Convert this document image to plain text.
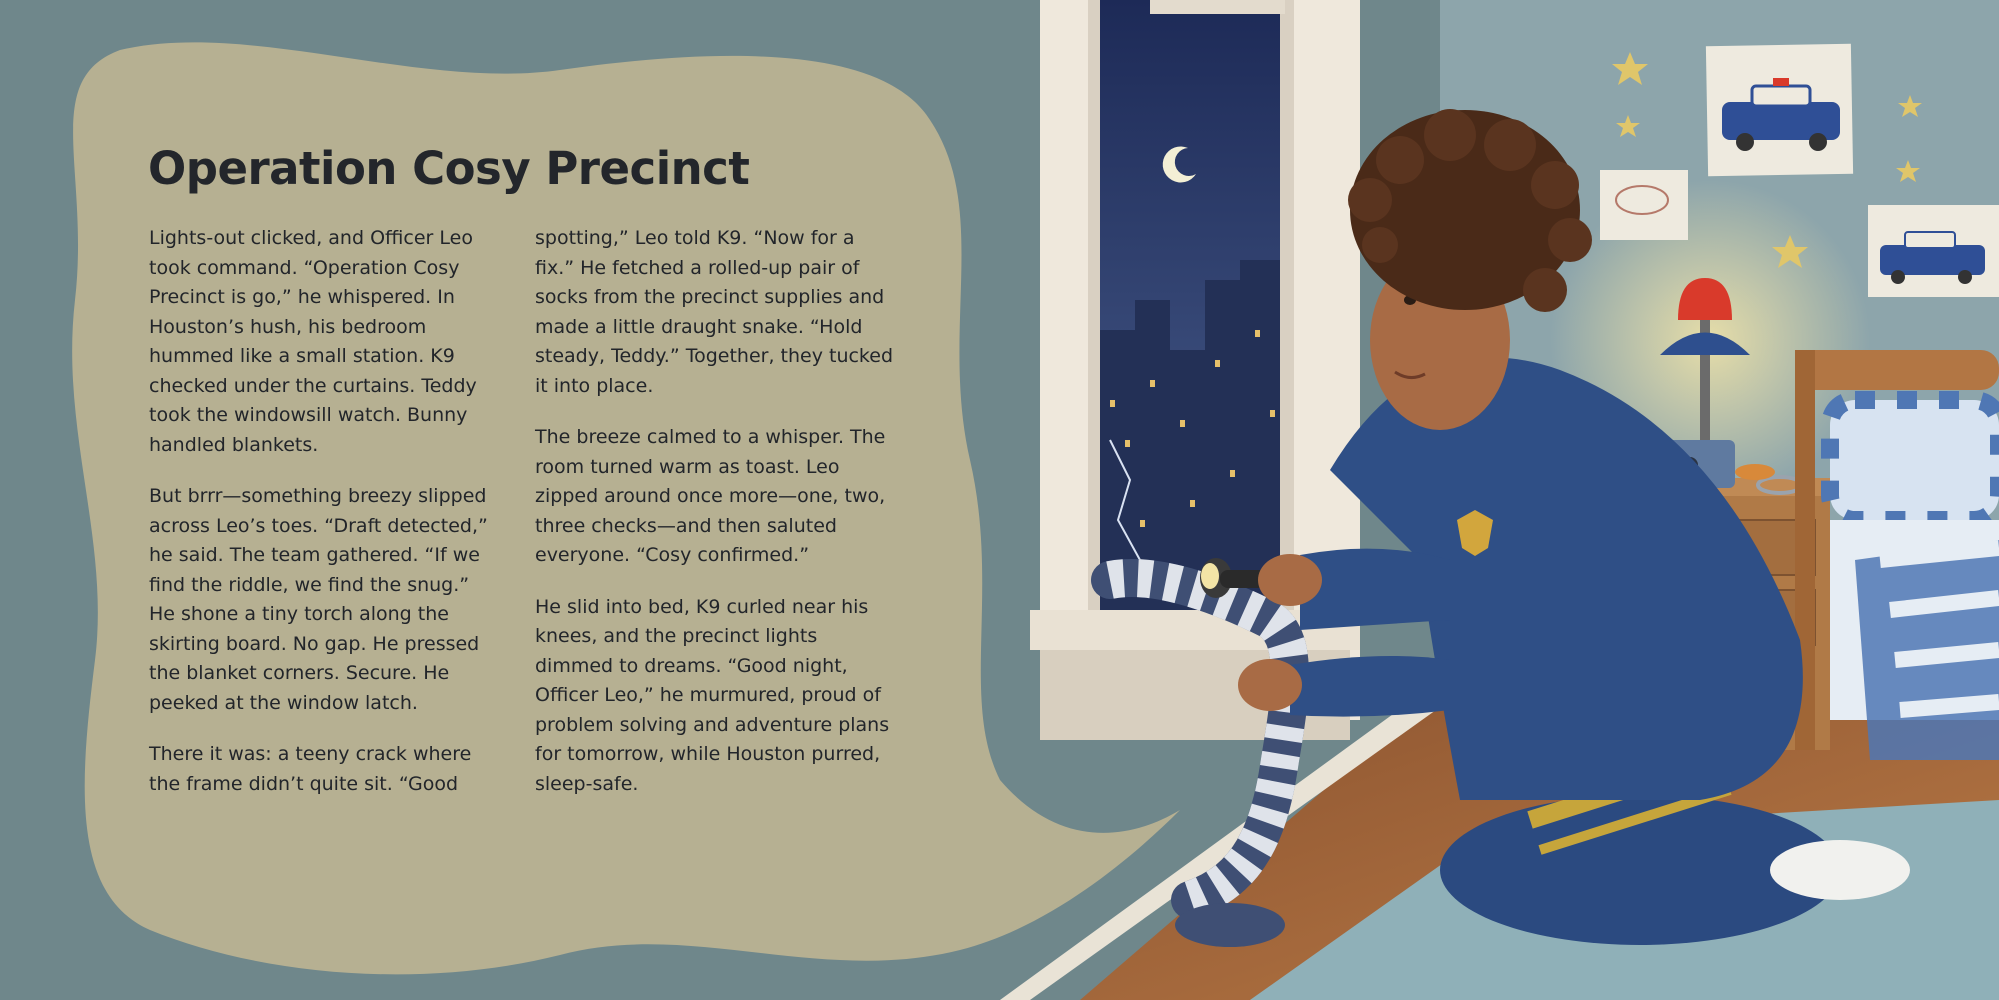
Operation Cosy Precinct

Lights-out clicked, and Officer Leo took command. “Operation Cosy Precinct is go,” he whispered. In Houston’s hush, his bedroom hummed like a small station. K9 checked under the curtains. Teddy took the windowsill watch. Bunny handled blankets.

But brrr—something breezy slipped across Leo’s toes. “Draft detected,” he said. The team gathered. “If we find the riddle, we find the snug.” He shone a tiny torch along the skirting board. No gap. He pressed the blanket corners. Secure. He peeked at the window latch.

There it was: a teeny crack where the frame didn’t quite sit. “Good

spotting,” Leo told K9. “Now for a fix.” He fetched a rolled-up pair of socks from the precinct supplies and made a little draught snake. “Hold steady, Teddy.” Together, they tucked it into place.

The breeze calmed to a whisper. The room turned warm as toast. Leo zipped around once more—one, two, three checks—and then saluted everyone. “Cosy confirmed.”

He slid into bed, K9 curled near his knees, and the precinct lights dimmed to dreams. “Good night, Officer Leo,” he murmured, proud of problem solving and adventure plans for tomorrow, while Houston purred, sleep-safe.
